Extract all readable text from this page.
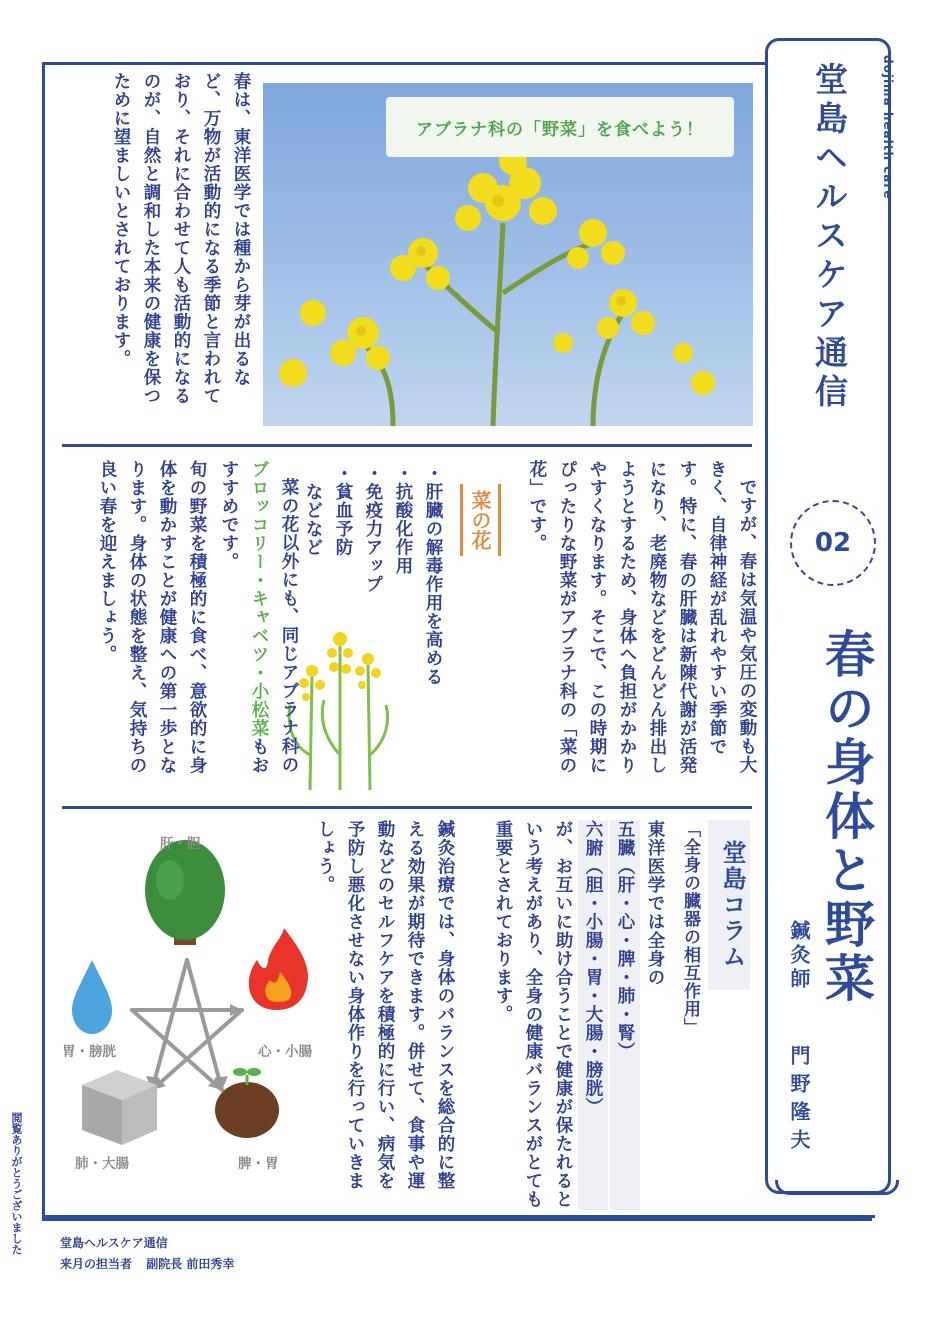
dojima health care
堂島ヘルスケア通信
02
春の身体と野菜
鍼灸師
門野隆夫
アブラナ科の「野菜」を食べよう！
春は、東洋医学では種から芽が出るなど、万物が活動的になる季節と言われており、それに合わせて人も活動的になるのが、自然と調和した本来の健康を保つために望ましいとされております。
ですが、春は気温や気圧の変動も大きく、自律神経が乱れやすい季節です。特に、春の肝臓は新陳代謝が活発になり、老廃物などをどんどん排出しようとするため、身体へ負担がかかりやすくなります。そこで、この時期にぴったりな野菜がアブラナ科の「菜の花」です。
菜の花
・肝臓の解毒作用を高める
・抗酸化作用
・免疫力アップ
・貧血予防
　などなど
菜の花以外にも、同じアブラナ科のブロッコリー・キャベツ・小松菜もおすすめです。
旬の野菜を積極的に食べ、意欲的に身体を動かすことが健康への第一歩となります。身体の状態を整え、気持ちの良い春を迎えましょう。
堂島コラム
「全身の臓器の相互作用」
東洋医学では全身の
五臓（肝・心・脾・肺・腎）
六腑（胆・小腸・胃・大腸・膀胱）
が、お互いに助け合うことで健康が保たれるという考えがあり、全身の健康バランスがとても重要とされております。
鍼灸治療では、身体のバランスを総合的に整える効果が期待できます。併せて、食事や運動などのセルフケアを積極的に行い、病気を予防し悪化させない身体作りを行っていきましょう。
肝・胆
心・小腸
胃・膀胱
肺・大腸	脾・胃
堂島ヘルスケア通信
来月の担当者 副院長 前田秀幸
閲覧ありがとうございました
